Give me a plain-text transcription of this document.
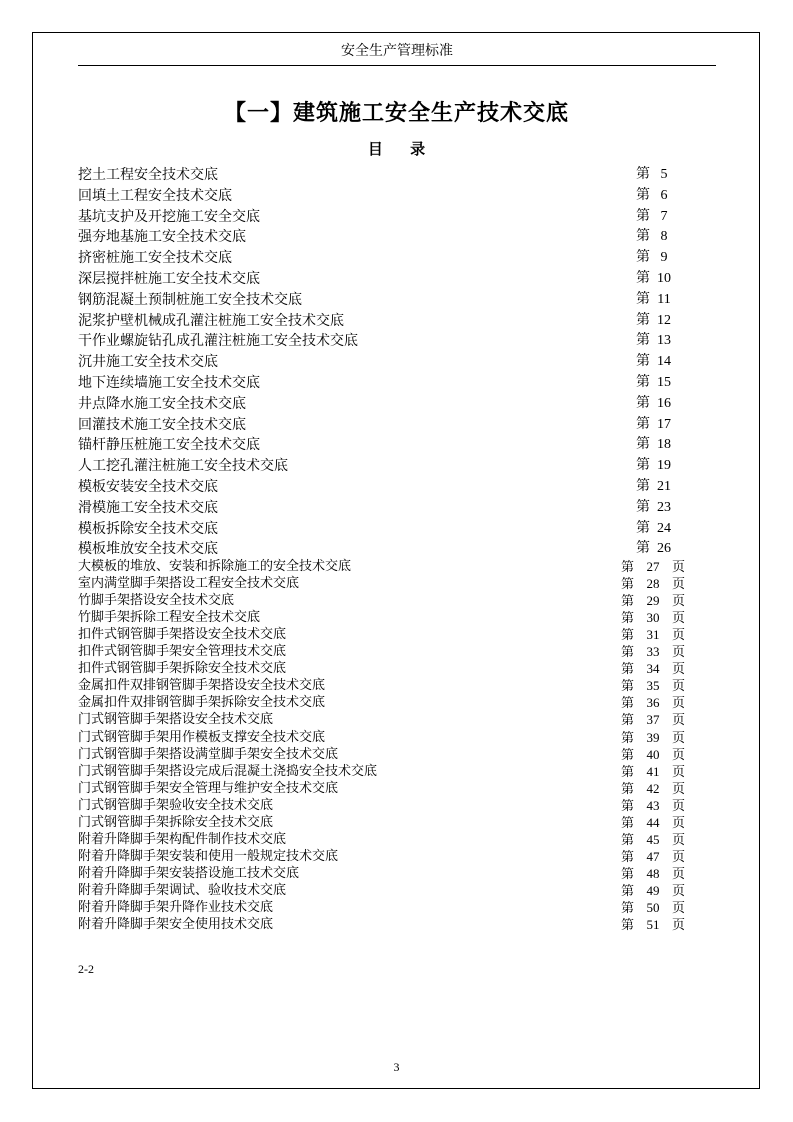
安全生产管理标准
【一】建筑施工安全生产技术交底
目 录
挖土工程安全技术交底	第 5
回填土工程安全技术交底	第 6
基坑支护及开挖施工安全交底	第 7
强夯地基施工安全技术交底	第 8
挤密桩施工安全技术交底	第 9
深层搅拌桩施工安全技术交底	第 10
钢筋混凝土预制桩施工安全技术交底	第 11
泥浆护壁机械成孔灌注桩施工安全技术交底	第 12
干作业螺旋钻孔成孔灌注桩施工安全技术交底	第 13
沉井施工安全技术交底	第 14
地下连续墙施工安全技术交底	第 15
井点降水施工安全技术交底	第 16
回灌技术施工安全技术交底	第 17
锚杆静压桩施工安全技术交底	第 18
人工挖孔灌注桩施工安全技术交底	第 19
模板安装安全技术交底	第 21
滑模施工安全技术交底	第 23
模板拆除安全技术交底	第 24
模板堆放安全技术交底	第 26
大模板的堆放、安装和拆除施工的安全技术交底	第 27 页
室内满堂脚手架搭设工程安全技术交底	第 28 页
竹脚手架搭设安全技术交底	第 29 页
竹脚手架拆除工程安全技术交底	第 30 页
扣件式钢管脚手架搭设安全技术交底	第 31 页
扣件式钢管脚手架安全管理技术交底	第 33 页
扣件式钢管脚手架拆除安全技术交底	第 34 页
金属扣件双排钢管脚手架搭设安全技术交底	第 35 页
金属扣件双排钢管脚手架拆除安全技术交底	第 36 页
门式钢管脚手架搭设安全技术交底	第 37 页
门式钢管脚手架用作模板支撑安全技术交底	第 39 页
门式钢管脚手架搭设满堂脚手架安全技术交底	第 40 页
门式钢管脚手架搭设完成后混凝土浇捣安全技术交底	第 41 页
门式钢管脚手架安全管理与维护安全技术交底	第 42 页
门式钢管脚手架验收安全技术交底	第 43 页
门式钢管脚手架拆除安全技术交底	第 44 页
附着升降脚手架构配件制作技术交底	第 45 页
附着升降脚手架安装和使用一般规定技术交底	第 47 页
附着升降脚手架安装搭设施工技术交底	第 48 页
附着升降脚手架调试、验收技术交底	第 49 页
附着升降脚手架升降作业技术交底	第 50 页
附着升降脚手架安全使用技术交底	第 51 页
2-2
3
